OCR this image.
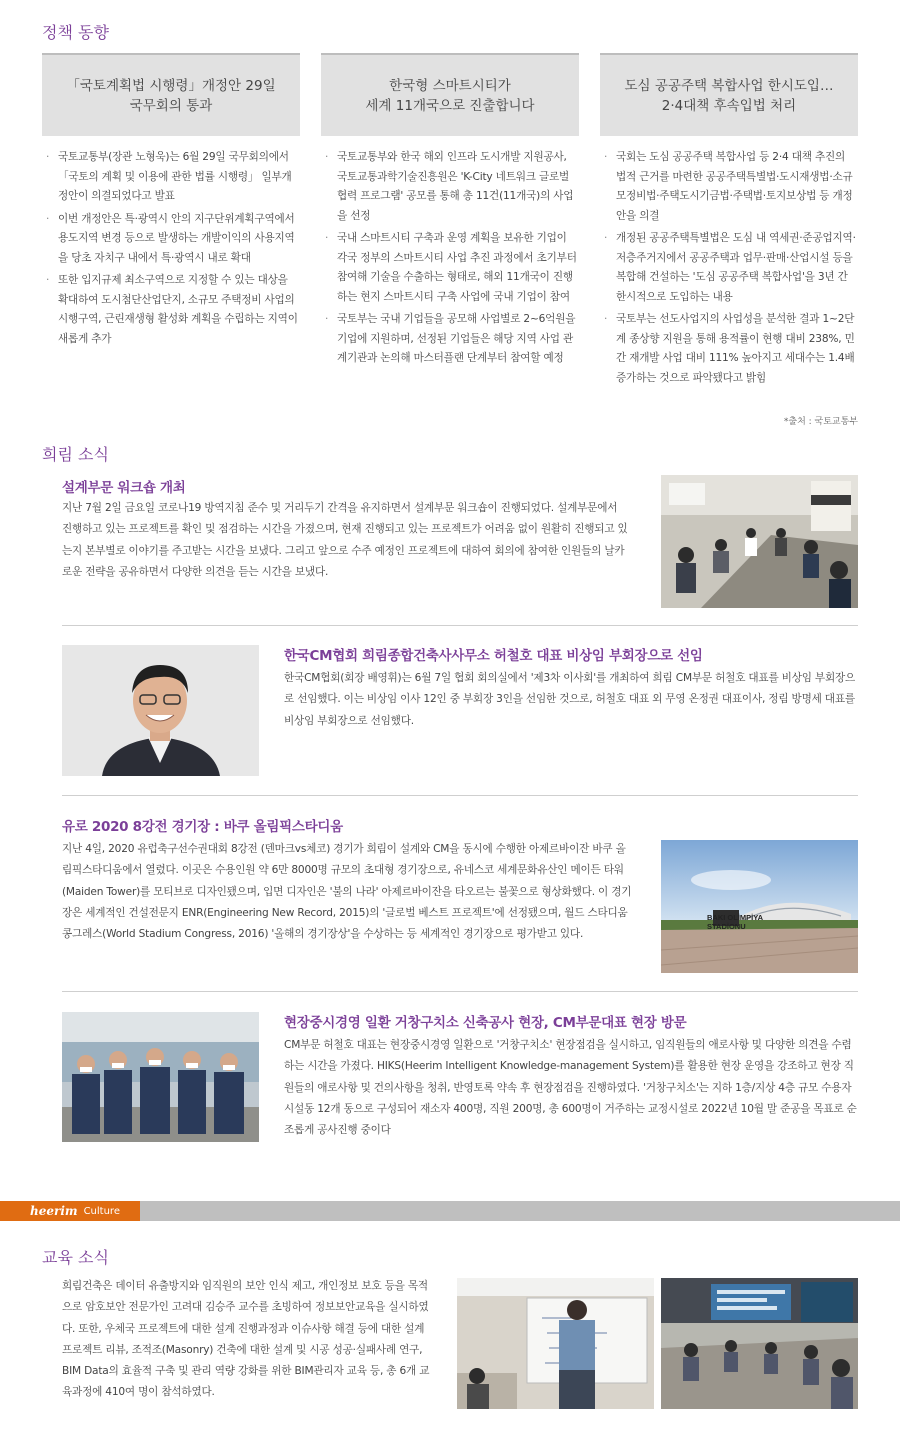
정책 동향
「국토계획법 시행령」개정안 29일
국무회의 통과
· 국토교통부(장관 노형욱)는 6월 29일 국무회의에서 「국토의 계획 및 이용에 관한 법률 시행령」 일부개정안이 의결되었다고 발표
· 이번 개정안은 특·광역시 안의 지구단위계획구역에서 용도지역 변경 등으로 발생하는 개발이익의 사용지역을 당초 자치구 내에서 특·광역시 내로 확대
· 또한 입지규제 최소구역으로 지정할 수 있는 대상을 확대하여 도시첨단산업단지, 소규모 주택정비 사업의 시행구역, 근린재생형 활성화 계획을 수립하는 지역이 새롭게 추가
한국형 스마트시티가
세계 11개국으로 진출합니다
· 국토교통부와 한국 해외 인프라 도시개발 지원공사, 국토교통과학기술진흥원은 'K-City 네트워크 글로벌 협력 프로그램' 공모를 통해 총 11건(11개국)의 사업을 선정
· 국내 스마트시티 구축과 운영 계획을 보유한 기업이 각국 정부의 스마트시티 사업 추진 과정에서 초기부터 참여해 기술을 수출하는 형태로, 해외 11개국이 진행하는 현지 스마트시티 구축 사업에 국내 기업이 참여
· 국토부는 국내 기업들을 공모해 사업별로 2~6억원을 기업에 지원하며, 선정된 기업들은 해당 지역 사업 관계기관과 논의해 마스터플랜 단계부터 참여할 예정
도심 공공주택 복합사업 한시도입…
2·4대책 후속입법 처리
· 국회는 도심 공공주택 복합사업 등 2·4 대책 추진의 법적 근거를 마련한 공공주택특별법·도시재생법·소규모정비법·주택도시기금법·주택법·토지보상법 등 개정안을 의결
· 개정된 공공주택특별법은 도심 내 역세권·준공업지역·저층주거지에서 공공주택과 업무·판매·산업시설 등을 복합해 건설하는 '도심 공공주택 복합사업'을 3년 간 한시적으로 도입하는 내용
· 국토부는 선도사업지의 사업성을 분석한 결과 1~2단계 종상향 지원을 통해 용적률이 현행 대비 238%, 민간 재개발 사업 대비 111% 높아지고 세대수는 1.4배 증가하는 것으로 파악됐다고 밝힘
*출처 : 국토교통부
희림 소식
설계부문 워크숍 개최

지난 7월 2일 금요일 코로나19 방역지침 준수 및 거리두기 간격을 유지하면서 설계부문 워크숍이 진행되었다. 설계부문에서 진행하고 있는 프로젝트를 확인 및 점검하는 시간을 가졌으며, 현재 진행되고 있는 프로젝트가 어려움 없이 원활히 진행되고 있는지 본부별로 이야기를 주고받는 시간을 보냈다. 그리고 앞으로 수주 예정인 프로젝트에 대하여 회의에 참여한 인원들의 날카로운 전략을 공유하면서 다양한 의견을 듣는 시간을 보냈다.

한국CM협회 희림종합건축사사무소 허철호 대표 비상임 부회장으로 선임

한국CM협회(회장 배영휘)는 6월 7일 협회 회의실에서 '제3차 이사회'를 개최하여 희림 CM부문 허철호 대표를 비상임 부회장으로 선임했다. 이는 비상임 이사 12인 중 부회장 3인을 선임한 것으로, 허철호 대표 외 무영 온정권 대표이사, 정림 방명세 대표를 비상임 부회장으로 선임했다.

유로 2020 8강전 경기장 : 바쿠 올림픽스타디움

지난 4일, 2020 유럽축구선수권대회 8강전 (덴마크vs체코) 경기가 희림이 설계와 CM을 동시에 수행한 아제르바이잔 바쿠 올림픽스타디움에서 열렸다. 이곳은 수용인원 약 6만 8000명 규모의 초대형 경기장으로, 유네스코 세계문화유산인 메이든 타워(Maiden Tower)를 모티브로 디자인됐으며, 입면 디자인은 '불의 나라' 아제르바이잔을 타오르는 불꽃으로 형상화했다. 이 경기장은 세계적인 건설전문지 ENR(Engineering New Record, 2015)의 '글로벌 베스트 프로젝트'에 선정됐으며, 월드 스타디움 콩그레스(World Stadium Congress, 2016) '올해의 경기장상'을 수상하는 등 세계적인 경기장으로 평가받고 있다.

BAKI OLİMPİYA
STADİONU
현장중시경영 일환 거창구치소 신축공사 현장, CM부문대표 현장 방문

CM부문 허철호 대표는 현장중시경영 일환으로 '거창구치소' 현장점검을 실시하고, 임직원들의 애로사항 및 다양한 의견을 수렴하는 시간을 가졌다. HIKS(Heerim Intelligent Knowledge-management System)를 활용한 현장 운영을 강조하고 현장 직원들의 애로사항 및 건의사항을 청취, 반영토록 약속 후 현장점검을 진행하였다. '거창구치소'는 지하 1층/지상 4층 규모 수용자시설동 12개 동으로 구성되어 재소자 400명, 직원 200명, 총 600명이 거주하는 교정시설로 2022년 10월 말 준공을 목표로 순조롭게 공사진행 중이다

heerim Culture
교육 소식

희림건축은 데이터 유출방지와 임직원의 보안 인식 제고, 개인정보 보호 등을 목적으로 암호보안 전문가인 고려대 김승주 교수를 초빙하여 정보보안교육을 실시하였다. 또한, 우체국 프로젝트에 대한 설계 진행과정과 이슈사항 해결 등에 대한 설계 프로젝트 리뷰, 조적조(Masonry) 건축에 대한 설계 및 시공 성공·실패사례 연구, BIM Data의 효율적 구축 및 관리 역량 강화를 위한 BIM관리자 교육 등, 총 6개 교육과정에 410여 명이 참석하였다.
